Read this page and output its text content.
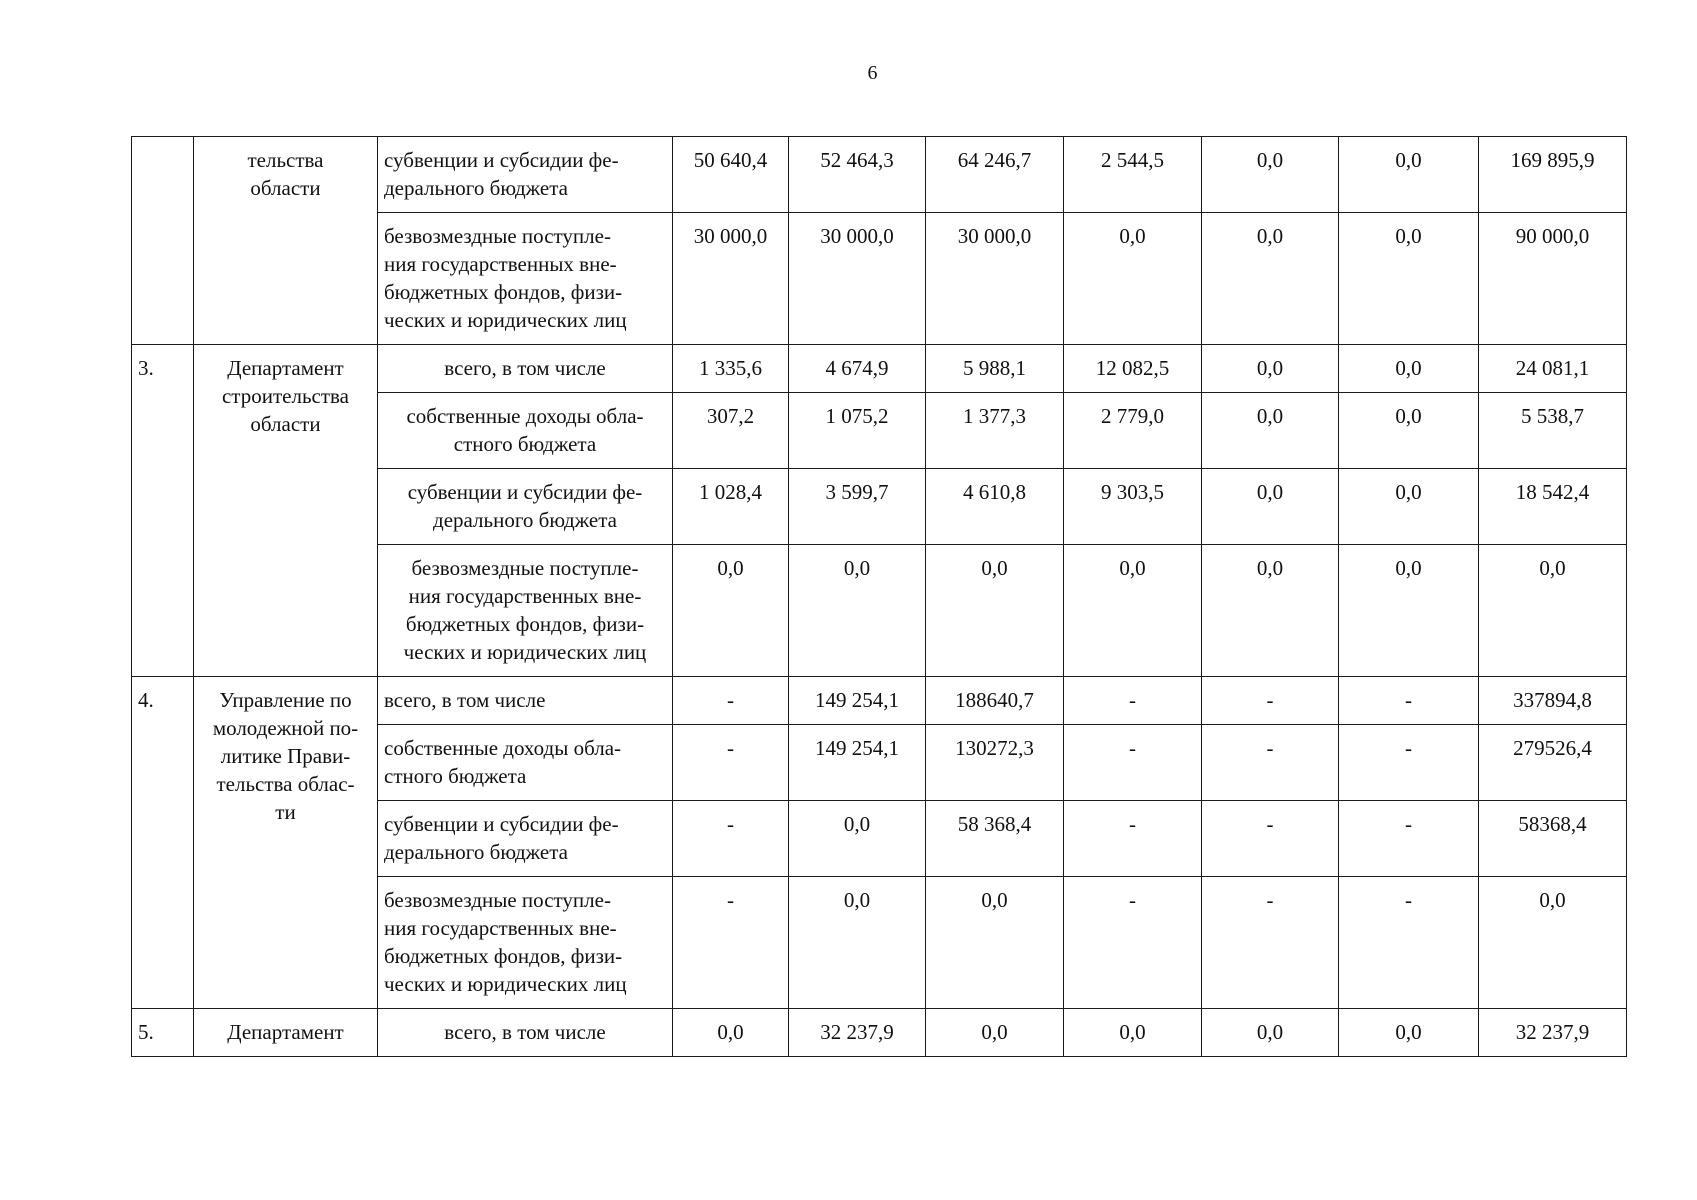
6
	тельства
области	субвенции и субсидии фе-
дерального бюджета	50 640,4	52 464,3	64 246,7	2 544,5	0,0	0,0	169 895,9
		безвозмездные поступле-
ния государственных вне-
бюджетных фондов, физи-
ческих и юридических лиц	30 000,0	30 000,0	30 000,0	0,0	0,0	0,0	90 000,0
3.	Департамент
строительства
области	всего, в том числе	1 335,6	4 674,9	5 988,1	12 082,5	0,0	0,0	24 081,1
		собственные доходы обла-
стного бюджета	307,2	1 075,2	1 377,3	2 779,0	0,0	0,0	5 538,7
		субвенции и субсидии фе-
дерального бюджета	1 028,4	3 599,7	4 610,8	9 303,5	0,0	0,0	18 542,4
		безвозмездные поступле-
ния государственных вне-
бюджетных фондов, физи-
ческих и юридических лиц	0,0	0,0	0,0	0,0	0,0	0,0	0,0
4.	Управление по
молодежной по-
литике Прави-
тельства облас-
ти	всего, в том числе	-	149 254,1	188640,7	-	-	-	337894,8
		собственные доходы обла-
стного бюджета	-	149 254,1	130272,3	-	-	-	279526,4
		субвенции и субсидии фе-
дерального бюджета	-	0,0	58 368,4	-	-	-	58368,4
		безвозмездные поступле-
ния государственных вне-
бюджетных фондов, физи-
ческих и юридических лиц	-	0,0	0,0	-	-	-	0,0
5.	Департамент	всего, в том числе	0,0	32 237,9	0,0	0,0	0,0	0,0	32 237,9
